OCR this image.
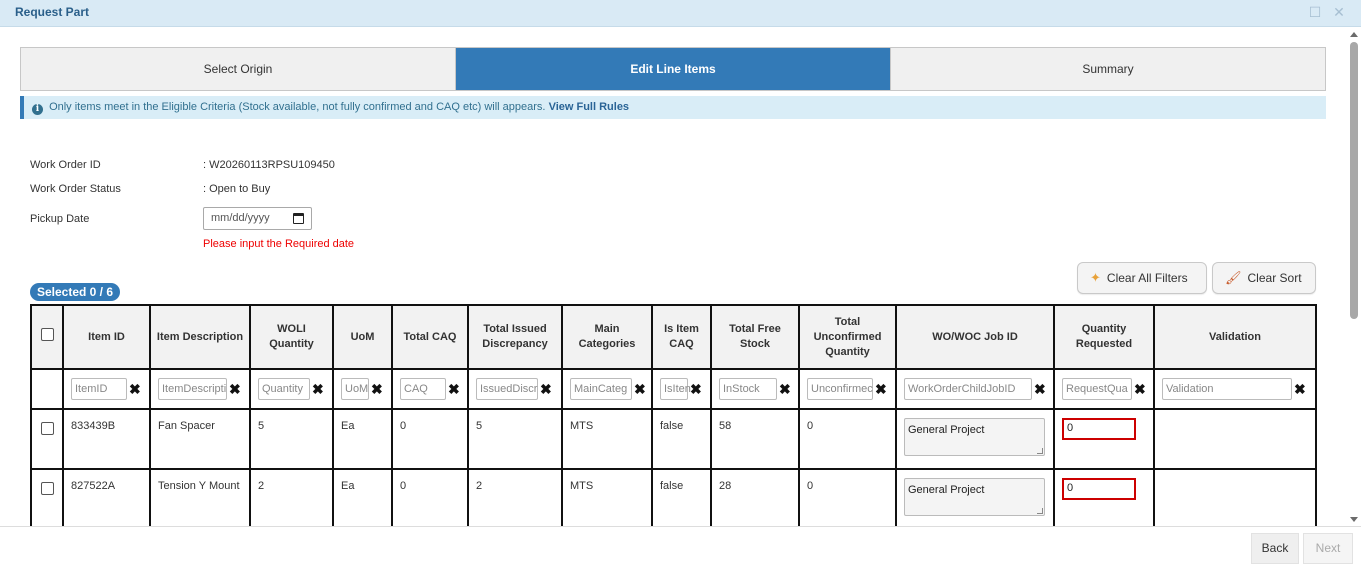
Request Part	☐ ✕
Select Origin	Edit Line Items	Summary
i Only items meet in the Eligible Criteria (Stock available, not fully confirmed and CAQ etc) will appears. View Full Rules
Work Order ID	: W20260113RPSU109450
Work Order Status	: Open to Buy
Pickup Date	mm/dd/yyyy
Please input the Required date
Selected 0 / 6
✦ Clear All Filters	🖌 Clear Sort
	Item ID	Item Description	WOLI Quantity	UoM	Total CAQ	Total Issued Discrepancy	Main Categories	Is Item CAQ	Total Free Stock	Total Unconfirmed Quantity	WO/WOC Job ID	Quantity Requested	Validation

	ItemID ✖	ItemDescripti ✖	Quantity ✖	UoM ✖	CAQ ✖	IssuedDiscr ✖	MainCateg ✖	IsIten ✖	InStock ✖	Unconfirmec ✖	WorkOrderChildJobID ✖	RequestQua ✖	Validation ✖

	833439B	Fan Spacer	5	Ea	0	5	MTS	false	58	0	General Project	0	

	827522A	Tension Y Mount	2	Ea	0	2	MTS	false	28	0	General Project	0	

Back	Next
